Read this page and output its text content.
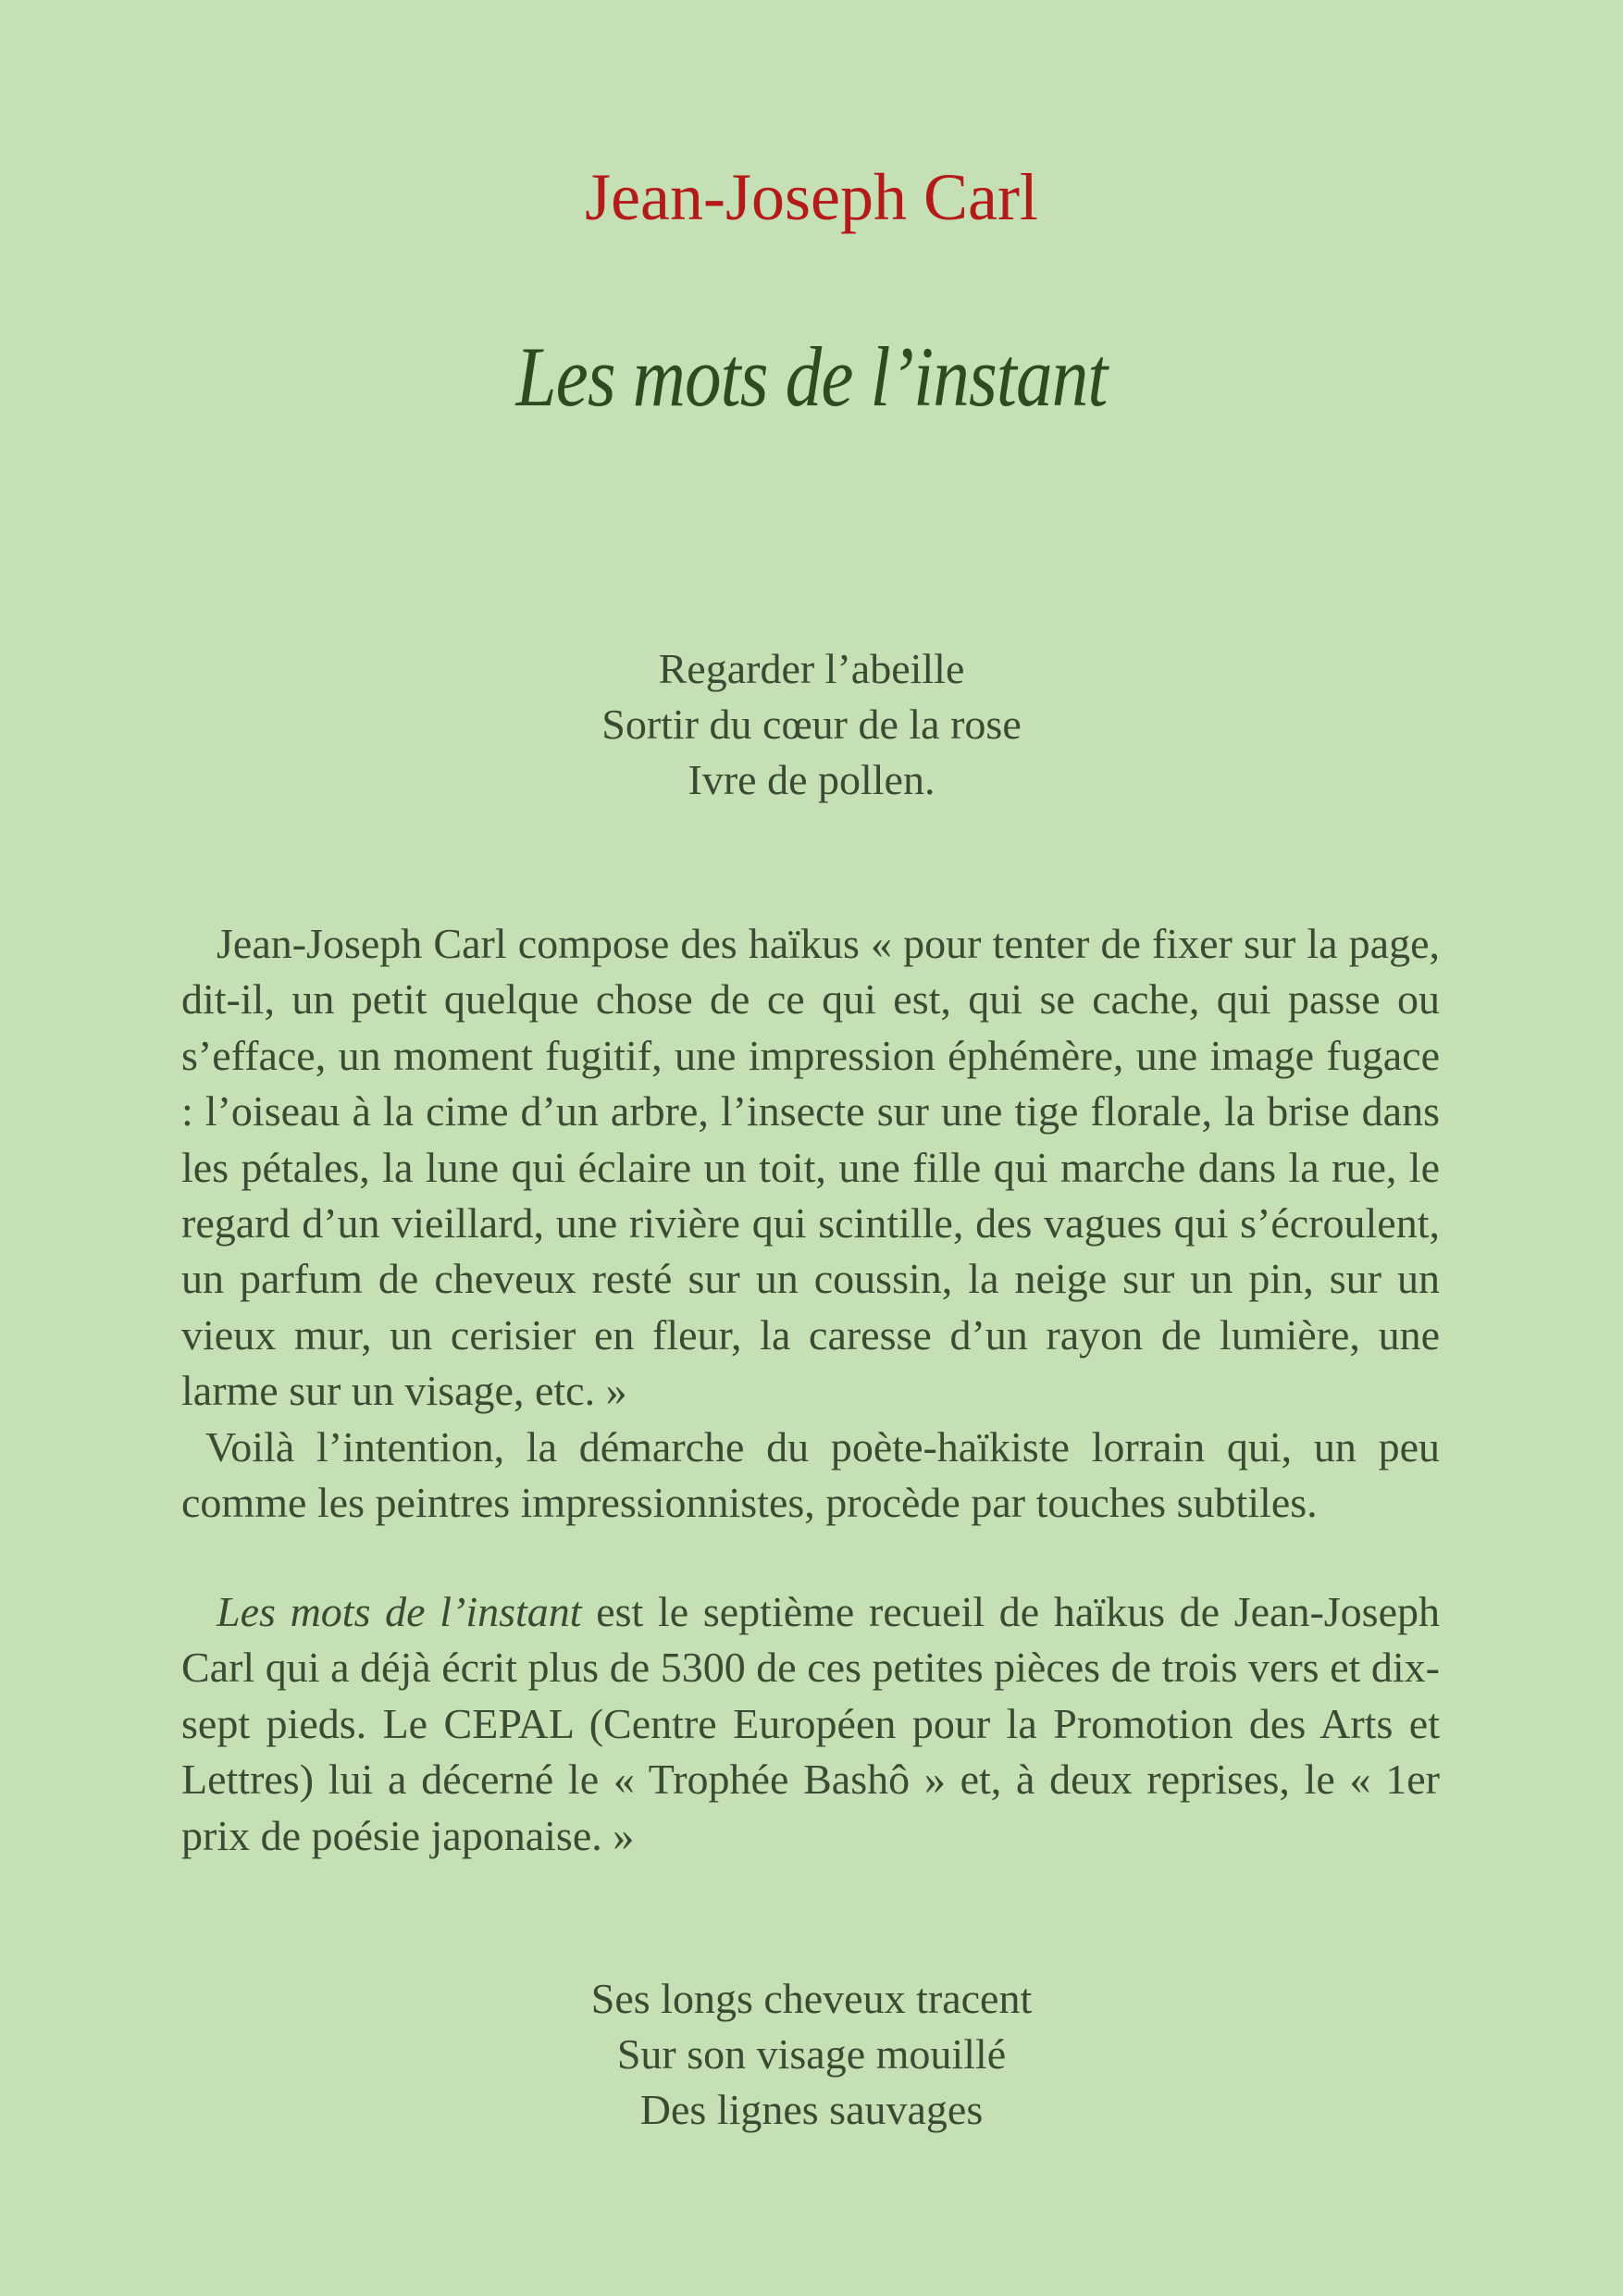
Jean-Joseph Carl
Les mots de l’instant
Regarder l’abeille
Sortir du cœur de la rose
Ivre de pollen.

Jean-Joseph Carl compose des haïkus « pour tenter de fixer sur la page, dit-il, un petit quelque chose de ce qui est, qui se cache, qui passe ou s’efface, un moment fugitif, une impression éphémère, une image fugace : l’oiseau à la cime d’un arbre, l’insecte sur une tige florale, la brise dans les pétales, la lune qui éclaire un toit, une fille qui marche dans la rue, le regard d’un vieillard, une rivière qui scintille, des vagues qui s’écroulent, un parfum de cheveux resté sur un coussin, la neige sur un pin, sur un vieux mur, un cerisier en fleur, la caresse d’un rayon de lumière, une larme sur un visage, etc. »
Voilà l’intention, la démarche du poète-haïkiste lorrain qui, un peu comme les peintres impressionnistes, procède par touches subtiles.

Les mots de l’instant est le septième recueil de haïkus de Jean-Joseph Carl qui a déjà écrit plus de 5300 de ces petites pièces de trois vers et dix-sept pieds. Le CEPAL (Centre Européen pour la Promotion des Arts et Lettres) lui a décerné le « Trophée Bashô » et, à deux reprises, le « 1er prix de poésie japonaise. »

Ses longs cheveux tracent
Sur son visage mouillé
Des lignes sauvages
